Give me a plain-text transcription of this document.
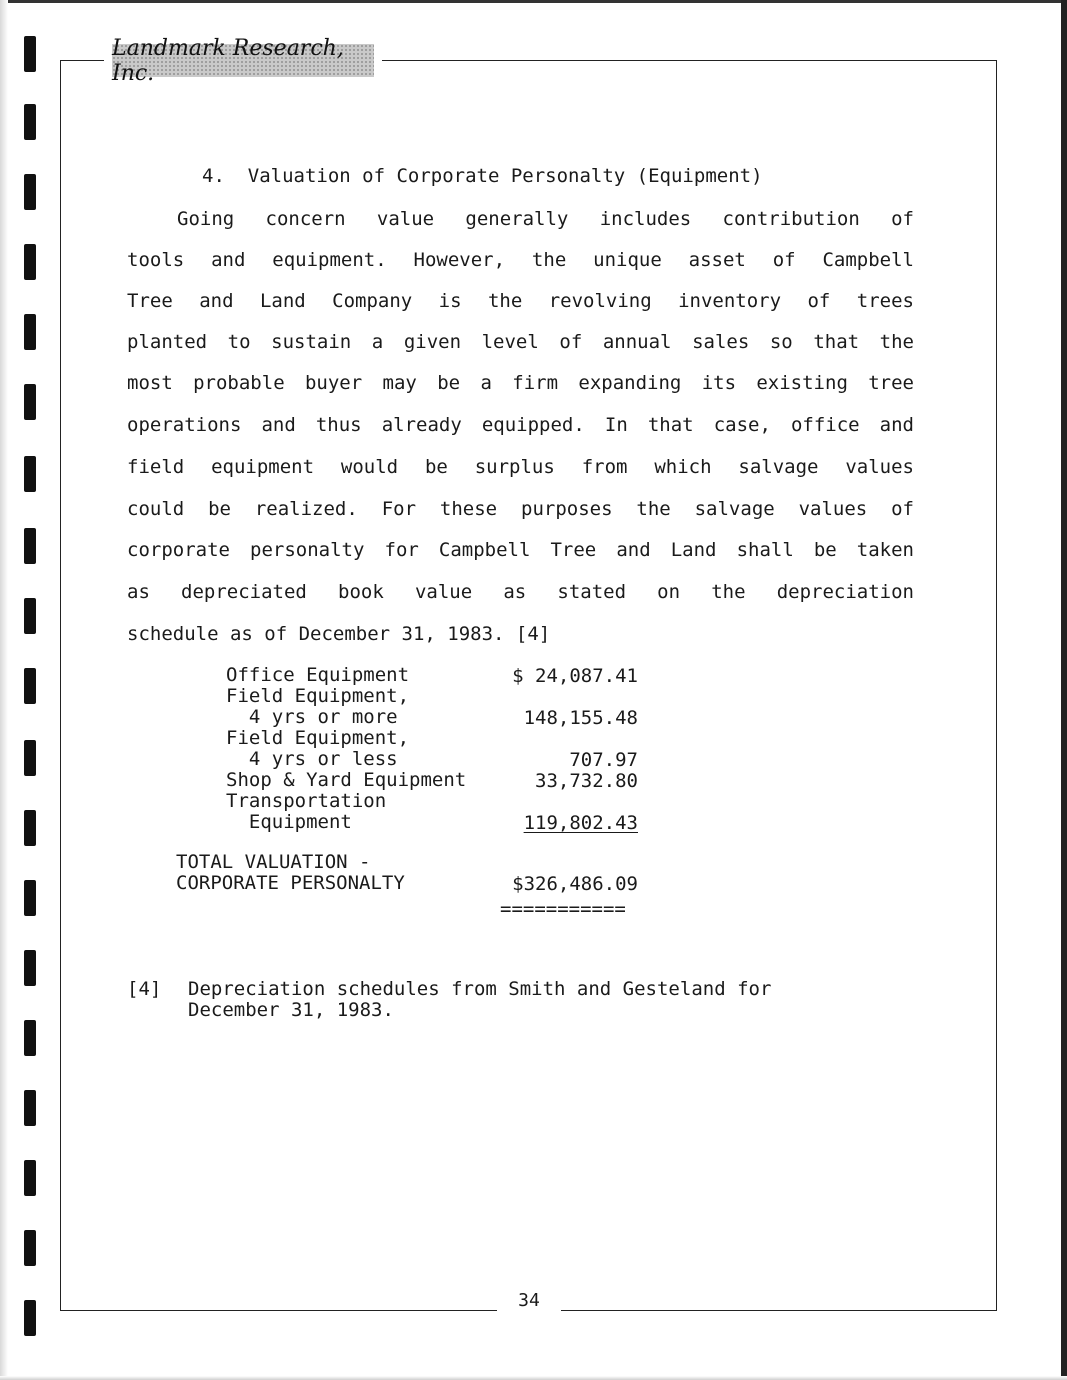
Landmark Research, Inc.
4.  Valuation of Corporate Personalty (Equipment)
Going concern value generally includes contribution of
tools and equipment. However, the unique asset of Campbell
Tree and Land Company is the revolving inventory of trees
planted to sustain a given level of annual sales so that the
most probable buyer may be a firm expanding its existing tree
operations and thus already equipped. In that case, office and
field equipment would be surplus from which salvage values
could be realized. For these purposes the salvage values of
corporate personalty for Campbell Tree and Land shall be taken
as depreciated book value as stated on the depreciation
schedule as of December 31, 1983. [4]
Office Equipment	$ 24,087.41
Field Equipment,
4 yrs or more	148,155.48
Field Equipment,
4 yrs or less	707.97
Shop & Yard Equipment	33,732.80
Transportation
Equipment	119,802.43
TOTAL VALUATION -
CORPORATE PERSONALTY	$326,486.09
===========
[4] Depreciation schedules from Smith and Gesteland for
December 31, 1983.
34
